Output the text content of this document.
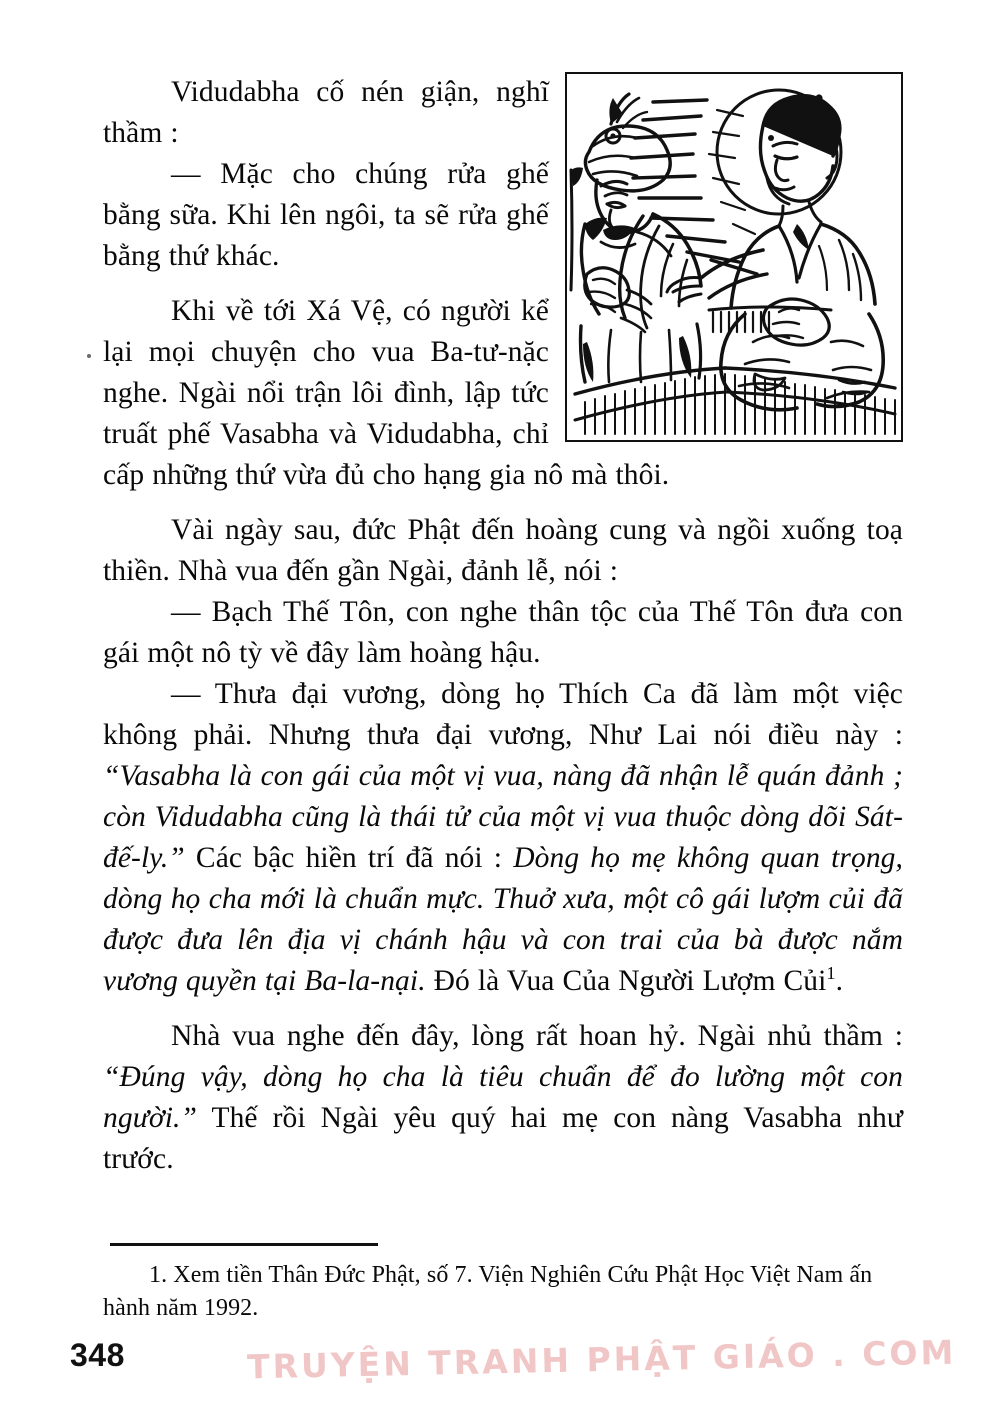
Vidudabha cố nén giận, nghĩ thầm :

— Mặc cho chúng rửa ghế bằng sữa. Khi lên ngôi, ta sẽ rửa ghế bằng thứ khác.

Khi về tới Xá Vệ, có người kể lại mọi chuyện cho vua Ba-tư-nặc nghe. Ngài nổi trận lôi đình, lập tức truất phế Vasabha và Vidudabha, chỉ cấp những thứ vừa đủ cho hạng gia nô mà thôi.

Vài ngày sau, đức Phật đến hoàng cung và ngồi xuống toạ thiền. Nhà vua đến gần Ngài, đảnh lễ, nói :

— Bạch Thế Tôn, con nghe thân tộc của Thế Tôn đưa con gái một nô tỳ về đây làm hoàng hậu.

— Thưa đại vương, dòng họ Thích Ca đã làm một việc không phải. Nhưng thưa đại vương, Như Lai nói điều này : “Vasabha là con gái của một vị vua, nàng đã nhận lễ quán đảnh ; còn Vidudabha cũng là thái tử của một vị vua thuộc dòng dõi Sát-đế-ly.” Các bậc hiền trí đã nói : Dòng họ mẹ không quan trọng, dòng họ cha mới là chuẩn mực. Thuở xưa, một cô gái lượm củi đã được đưa lên địa vị chánh hậu và con trai của bà được nắm vương quyền tại Ba-la-nại. Đó là Vua Của Người Lượm Củi$^1$.

Nhà vua nghe đến đây, lòng rất hoan hỷ. Ngài nhủ thầm : “Đúng vậy, dòng họ cha là tiêu chuẩn để đo lường một con người.” Thế rồi Ngài yêu quý hai mẹ con nàng Vasabha như trước.

1. Xem tiền Thân Đức Phật, số 7. Viện Nghiên Cứu Phật Học Việt Nam ấn hành năm 1992.

348	TRUYỆN TRANH PHẬT GIÁO . COM
